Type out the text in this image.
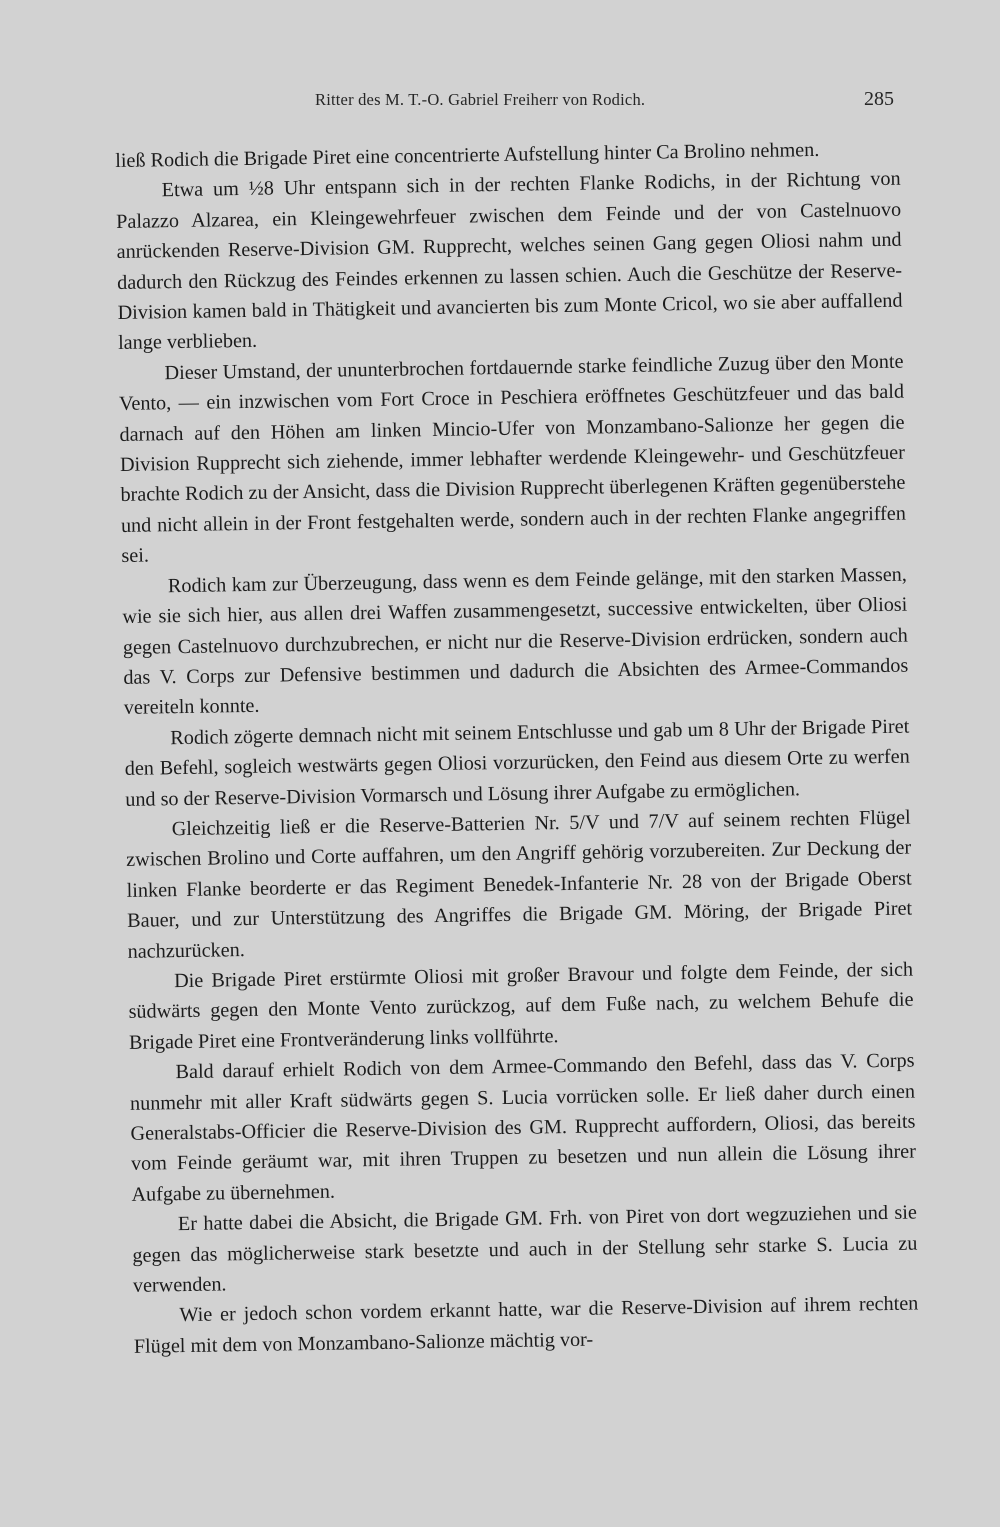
Ritter des M. T.-O. Gabriel Freiherr von Rodich.	285

ließ Rodich die Brigade Piret eine concentrierte Aufstellung hinter Ca Brolino nehmen.

Etwa um ½8 Uhr entspann sich in der rechten Flanke Rodichs, in der Richtung von Palazzo Alzarea, ein Kleingewehrfeuer zwischen dem Feinde und der von Castelnuovo anrückenden Reserve-Division GM. Rupprecht, welches seinen Gang gegen Oliosi nahm und dadurch den Rückzug des Feindes erkennen zu lassen schien. Auch die Geschütze der Reserve-Division kamen bald in Thätigkeit und avancierten bis zum Monte Cricol, wo sie aber auffallend lange verblieben.

Dieser Umstand, der ununterbrochen fortdauernde starke feindliche Zuzug über den Monte Vento, — ein inzwischen vom Fort Croce in Peschiera eröffnetes Geschützfeuer und das bald darnach auf den Höhen am linken Mincio-Ufer von Monzambano-Salionze her gegen die Division Rupprecht sich ziehende, immer lebhafter werdende Kleingewehr- und Geschützfeuer brachte Rodich zu der Ansicht, dass die Division Rupprecht überlegenen Kräften gegenüberstehe und nicht allein in der Front festgehalten werde, sondern auch in der rechten Flanke angegriffen sei.

Rodich kam zur Überzeugung, dass wenn es dem Feinde gelänge, mit den starken Massen, wie sie sich hier, aus allen drei Waffen zusammengesetzt, successive entwickelten, über Oliosi gegen Castelnuovo durchzubrechen, er nicht nur die Reserve-Division erdrücken, sondern auch das V. Corps zur Defensive bestimmen und dadurch die Absichten des Armee-Commandos vereiteln konnte.

Rodich zögerte demnach nicht mit seinem Entschlusse und gab um 8 Uhr der Brigade Piret den Befehl, sogleich westwärts gegen Oliosi vorzurücken, den Feind aus diesem Orte zu werfen und so der Reserve-Division Vormarsch und Lösung ihrer Aufgabe zu ermöglichen.

Gleichzeitig ließ er die Reserve-Batterien Nr. 5/V und 7/V auf seinem rechten Flügel zwischen Brolino und Corte auffahren, um den Angriff gehörig vorzubereiten. Zur Deckung der linken Flanke beorderte er das Regiment Benedek-Infanterie Nr. 28 von der Brigade Oberst Bauer, und zur Unterstützung des Angriffes die Brigade GM. Möring, der Brigade Piret nachzurücken.

Die Brigade Piret erstürmte Oliosi mit großer Bravour und folgte dem Feinde, der sich südwärts gegen den Monte Vento zurückzog, auf dem Fuße nach, zu welchem Behufe die Brigade Piret eine Frontveränderung links vollführte.

Bald darauf erhielt Rodich von dem Armee-Commando den Befehl, dass das V. Corps nunmehr mit aller Kraft südwärts gegen S. Lucia vorrücken solle. Er ließ daher durch einen Generalstabs-Officier die Reserve-Division des GM. Rupprecht auffordern, Oliosi, das bereits vom Feinde geräumt war, mit ihren Truppen zu besetzen und nun allein die Lösung ihrer Aufgabe zu übernehmen.

Er hatte dabei die Absicht, die Brigade GM. Frh. von Piret von dort wegzuziehen und sie gegen das möglicherweise stark besetzte und auch in der Stellung sehr starke S. Lucia zu verwenden.

Wie er jedoch schon vordem erkannt hatte, war die Reserve-Division auf ihrem rechten Flügel mit dem von Monzambano-Salionze mächtig vor-
